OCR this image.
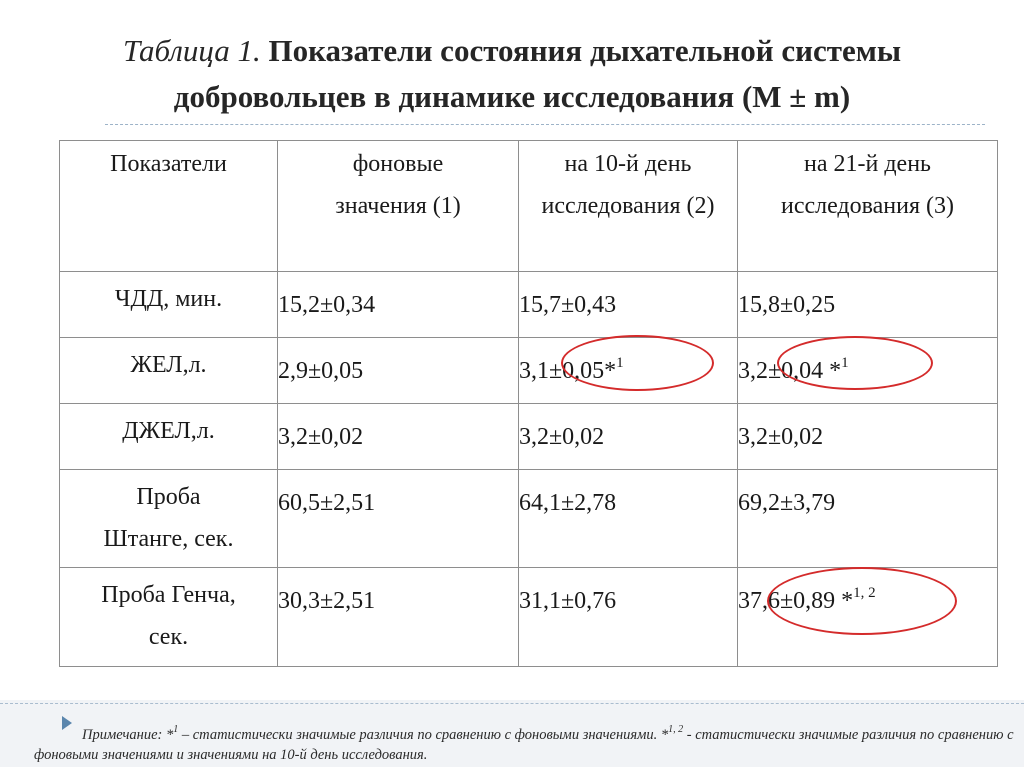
Таблица 1. Показатели состояния дыхательной системы добровольцев в динамике исследования (М ± m)
Показатели	фоновые значения (1)	на 10-й день исследования (2)	на 21-й день исследования (3)
ЧДД, мин.	15,2±0,34	15,7±0,43	15,8±0,25
ЖЕЛ,л.	2,9±0,05	3,1±0,05*$^1$	3,2±0,04 *$^1$
ДЖЕЛ,л.	3,2±0,02	3,2±0,02	3,2±0,02
Проба Штанге, сек.	60,5±2,51	64,1±2,78	69,2±3,79
Проба Генча, сек.	30,3±2,51	31,1±0,76	37,6±0,89 *$^{1, 2}$
Примечание: *$^1$ – статистически значимые различия по сравнению с фоновыми значениями. *$^{1, 2}$ - статистически значимые различия по сравнению с фоновыми значениями и значениями на 10-й день исследования.
